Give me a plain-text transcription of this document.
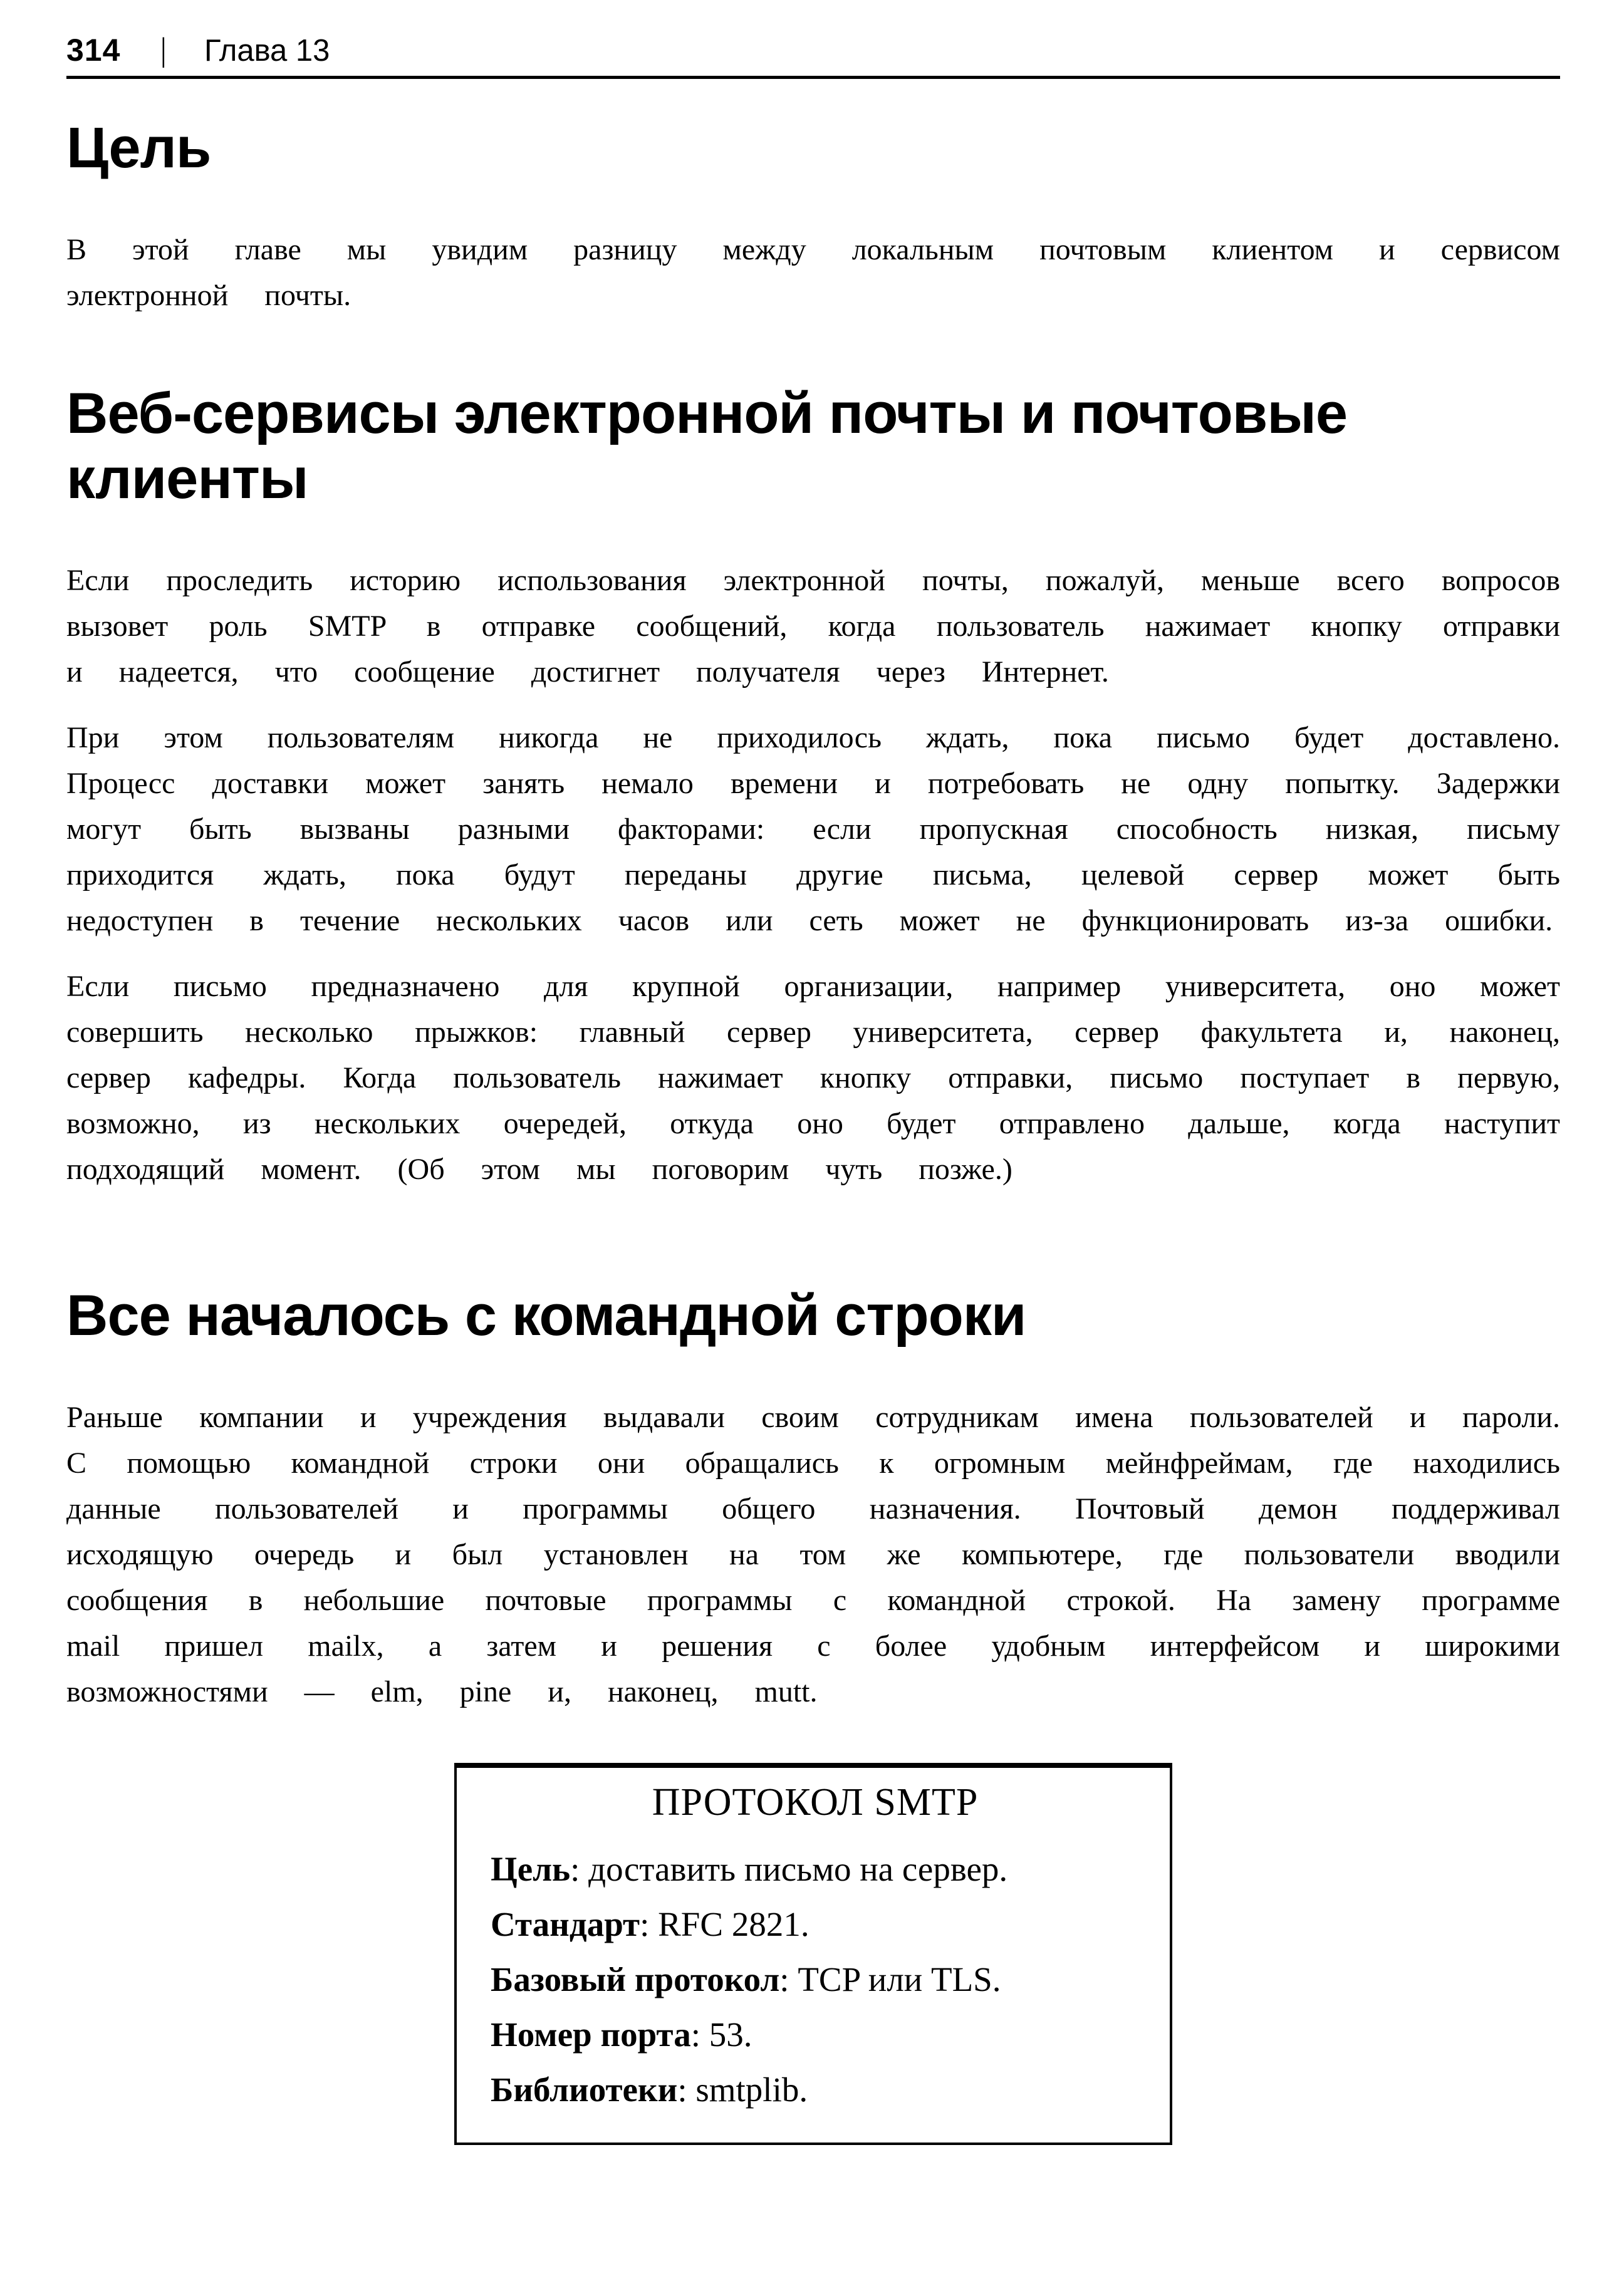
314 | Глава 13
Цель

В этой главе мы увидим разницу между локальным почтовым клиентом и сервисом электронной почты.

Веб-сервисы электронной почты и почтовые клиенты

Если проследить историю использования электронной почты, пожалуй, меньше всего вопросов вызовет роль SMTP в отправке сообщений, когда пользователь нажимает кнопку отправки и надеется, что сообщение достигнет получателя через Интернет.

При этом пользователям никогда не приходилось ждать, пока письмо будет доставлено. Процесс доставки может занять немало времени и потребовать не одну попытку. Задержки могут быть вызваны разными факторами: если пропускная способность низкая, письму приходится ждать, пока будут переданы другие письма, целевой сервер может быть недоступен в течение нескольких часов или сеть может не функционировать из-за ошибки.

Если письмо предназначено для крупной организации, например университета, оно может совершить несколько прыжков: главный сервер университета, сервер факультета и, наконец, сервер кафедры. Когда пользователь нажимает кнопку отправки, письмо поступает в первую, возможно, из нескольких очередей, откуда оно будет отправлено дальше, когда наступит подходящий момент. (Об этом мы поговорим чуть позже.)

Все началось с командной строки

Раньше компании и учреждения выдавали своим сотрудникам имена пользователей и пароли. С помощью командной строки они обращались к огромным мейнфреймам, где находились данные пользователей и программы общего назначения. Почтовый демон поддерживал исходящую очередь и был установлен на том же компьютере, где пользователи вводили сообщения в небольшие почтовые программы с командной строкой. На замену программе mail пришел mailx, а затем и решения с более удобным интерфейсом и широкими возможностями — elm, pine и, наконец, mutt.

ПРОТОКОЛ SMTP
Цель: доставить письмо на сервер.
Стандарт: RFC 2821.
Базовый протокол: TCP или TLS.
Номер порта: 53.
Библиотеки: smtplib.
